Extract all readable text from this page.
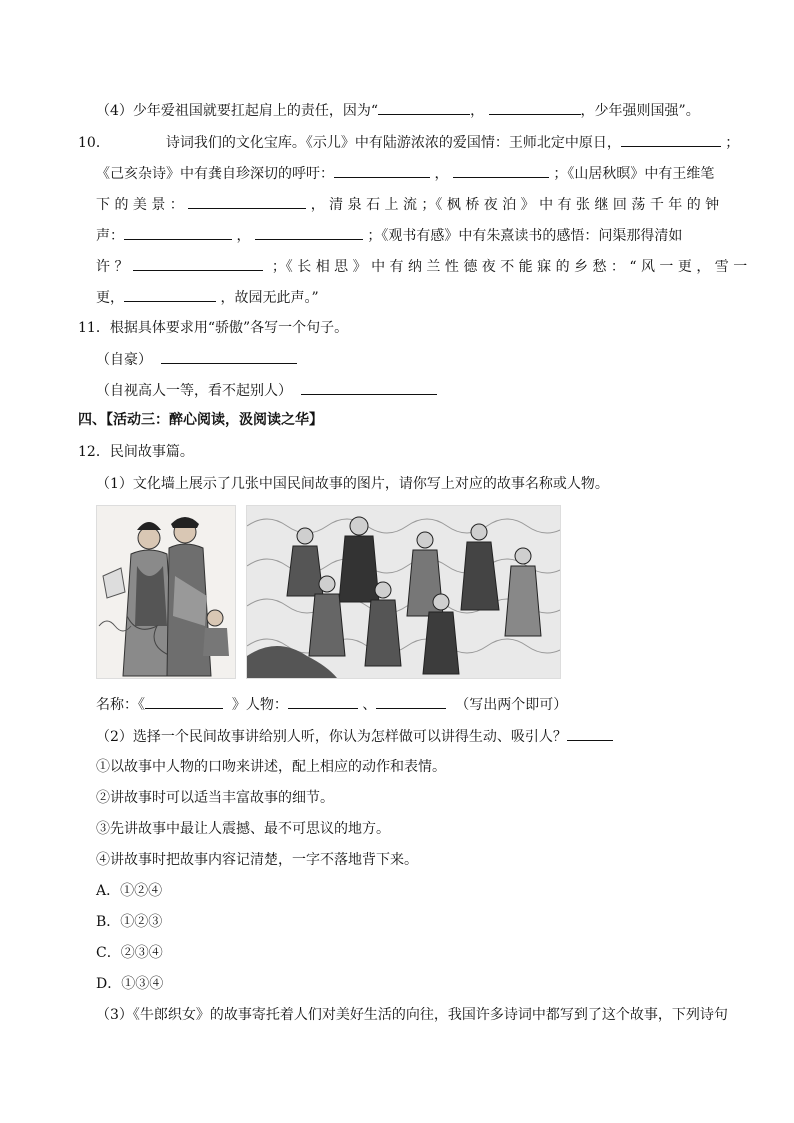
（4）少年爱祖国就要扛起肩上的责任，因为“	，	，少年强则国强”。
10．	诗词我们的文化宝库。《示儿》中有陆游浓浓的爱国情：王师北定中原日，	；
《己亥杂诗》中有龚自珍深切的呼吁：	，	；《山居秋暝》中有王维笔
下 的 美 景 ：	， 清 泉 石 上 流 ；《 枫 桥 夜 泊 》 中 有 张 继 回 荡 千 年 的 钟
声：	，	；《观书有感》中有朱熹读书的感悟：问渠那得清如
许 ？	；《 长 相 思 》 中 有 纳 兰 性 德 夜 不 能 寐 的 乡 愁 ： “ 风 一 更 ， 雪 一
更，	，故园无此声。”
11．根据具体要求用“骄傲”各写一个句子。
（自豪）
（自视高人一等，看不起别人）
四、【活动三：醉心阅读，汲阅读之华】
12．民间故事篇。
（1）文化墙上展示了几张中国民间故事的图片，请你写上对应的故事名称或人物。
名称：《	》人物：	、	（写出两个即可）
（2）选择一个民间故事讲给别人听，你认为怎样做可以讲得生动、吸引人？
①以故事中人物的口吻来讲述，配上相应的动作和表情。
②讲故事时可以适当丰富故事的细节。
③先讲故事中最让人震撼、最不可思议的地方。
④讲故事时把故事内容记清楚，一字不落地背下来。
A．①②④
B．①②③
C．②③④
D．①③④
（3）《牛郎织女》的故事寄托着人们对美好生活的向往，我国许多诗词中都写到了这个故事，下列诗句
